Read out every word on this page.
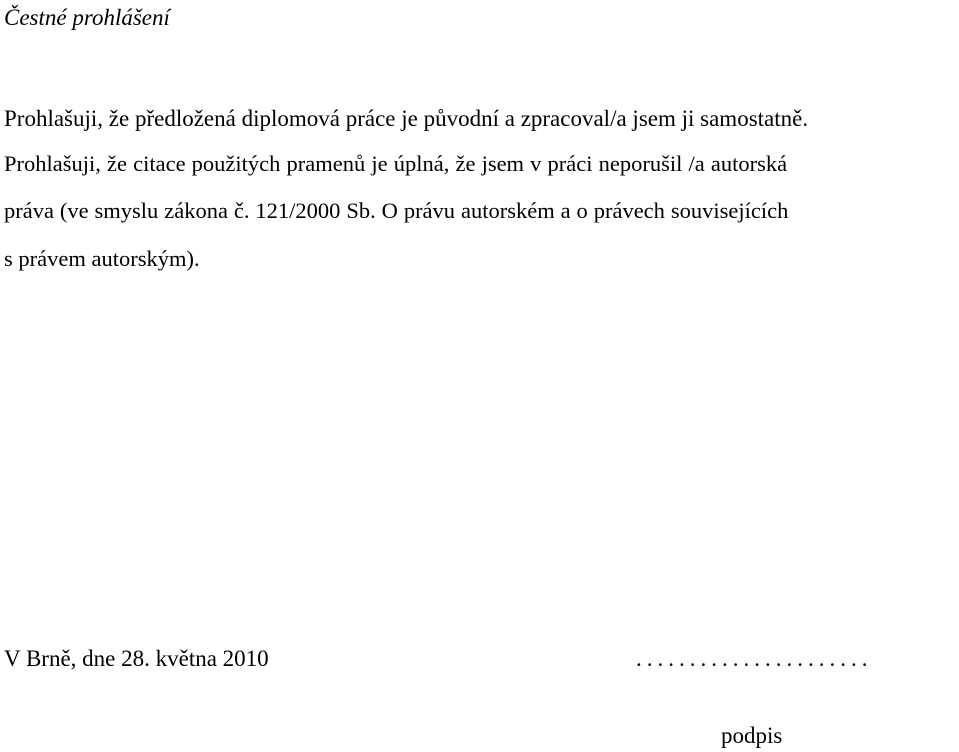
Čestné prohlášení
Prohlašuji, že předložená diplomová práce je původní a zpracoval/a jsem ji samostatně.
Prohlašuji, že citace použitých pramenů je úplná, že jsem v práci neporušil /a autorská
práva (ve smyslu zákona č. 121/2000 Sb. O právu autorském a o právech souvisejících
s právem autorským).
V Brně, dne 28. května 2010	......................
podpis
